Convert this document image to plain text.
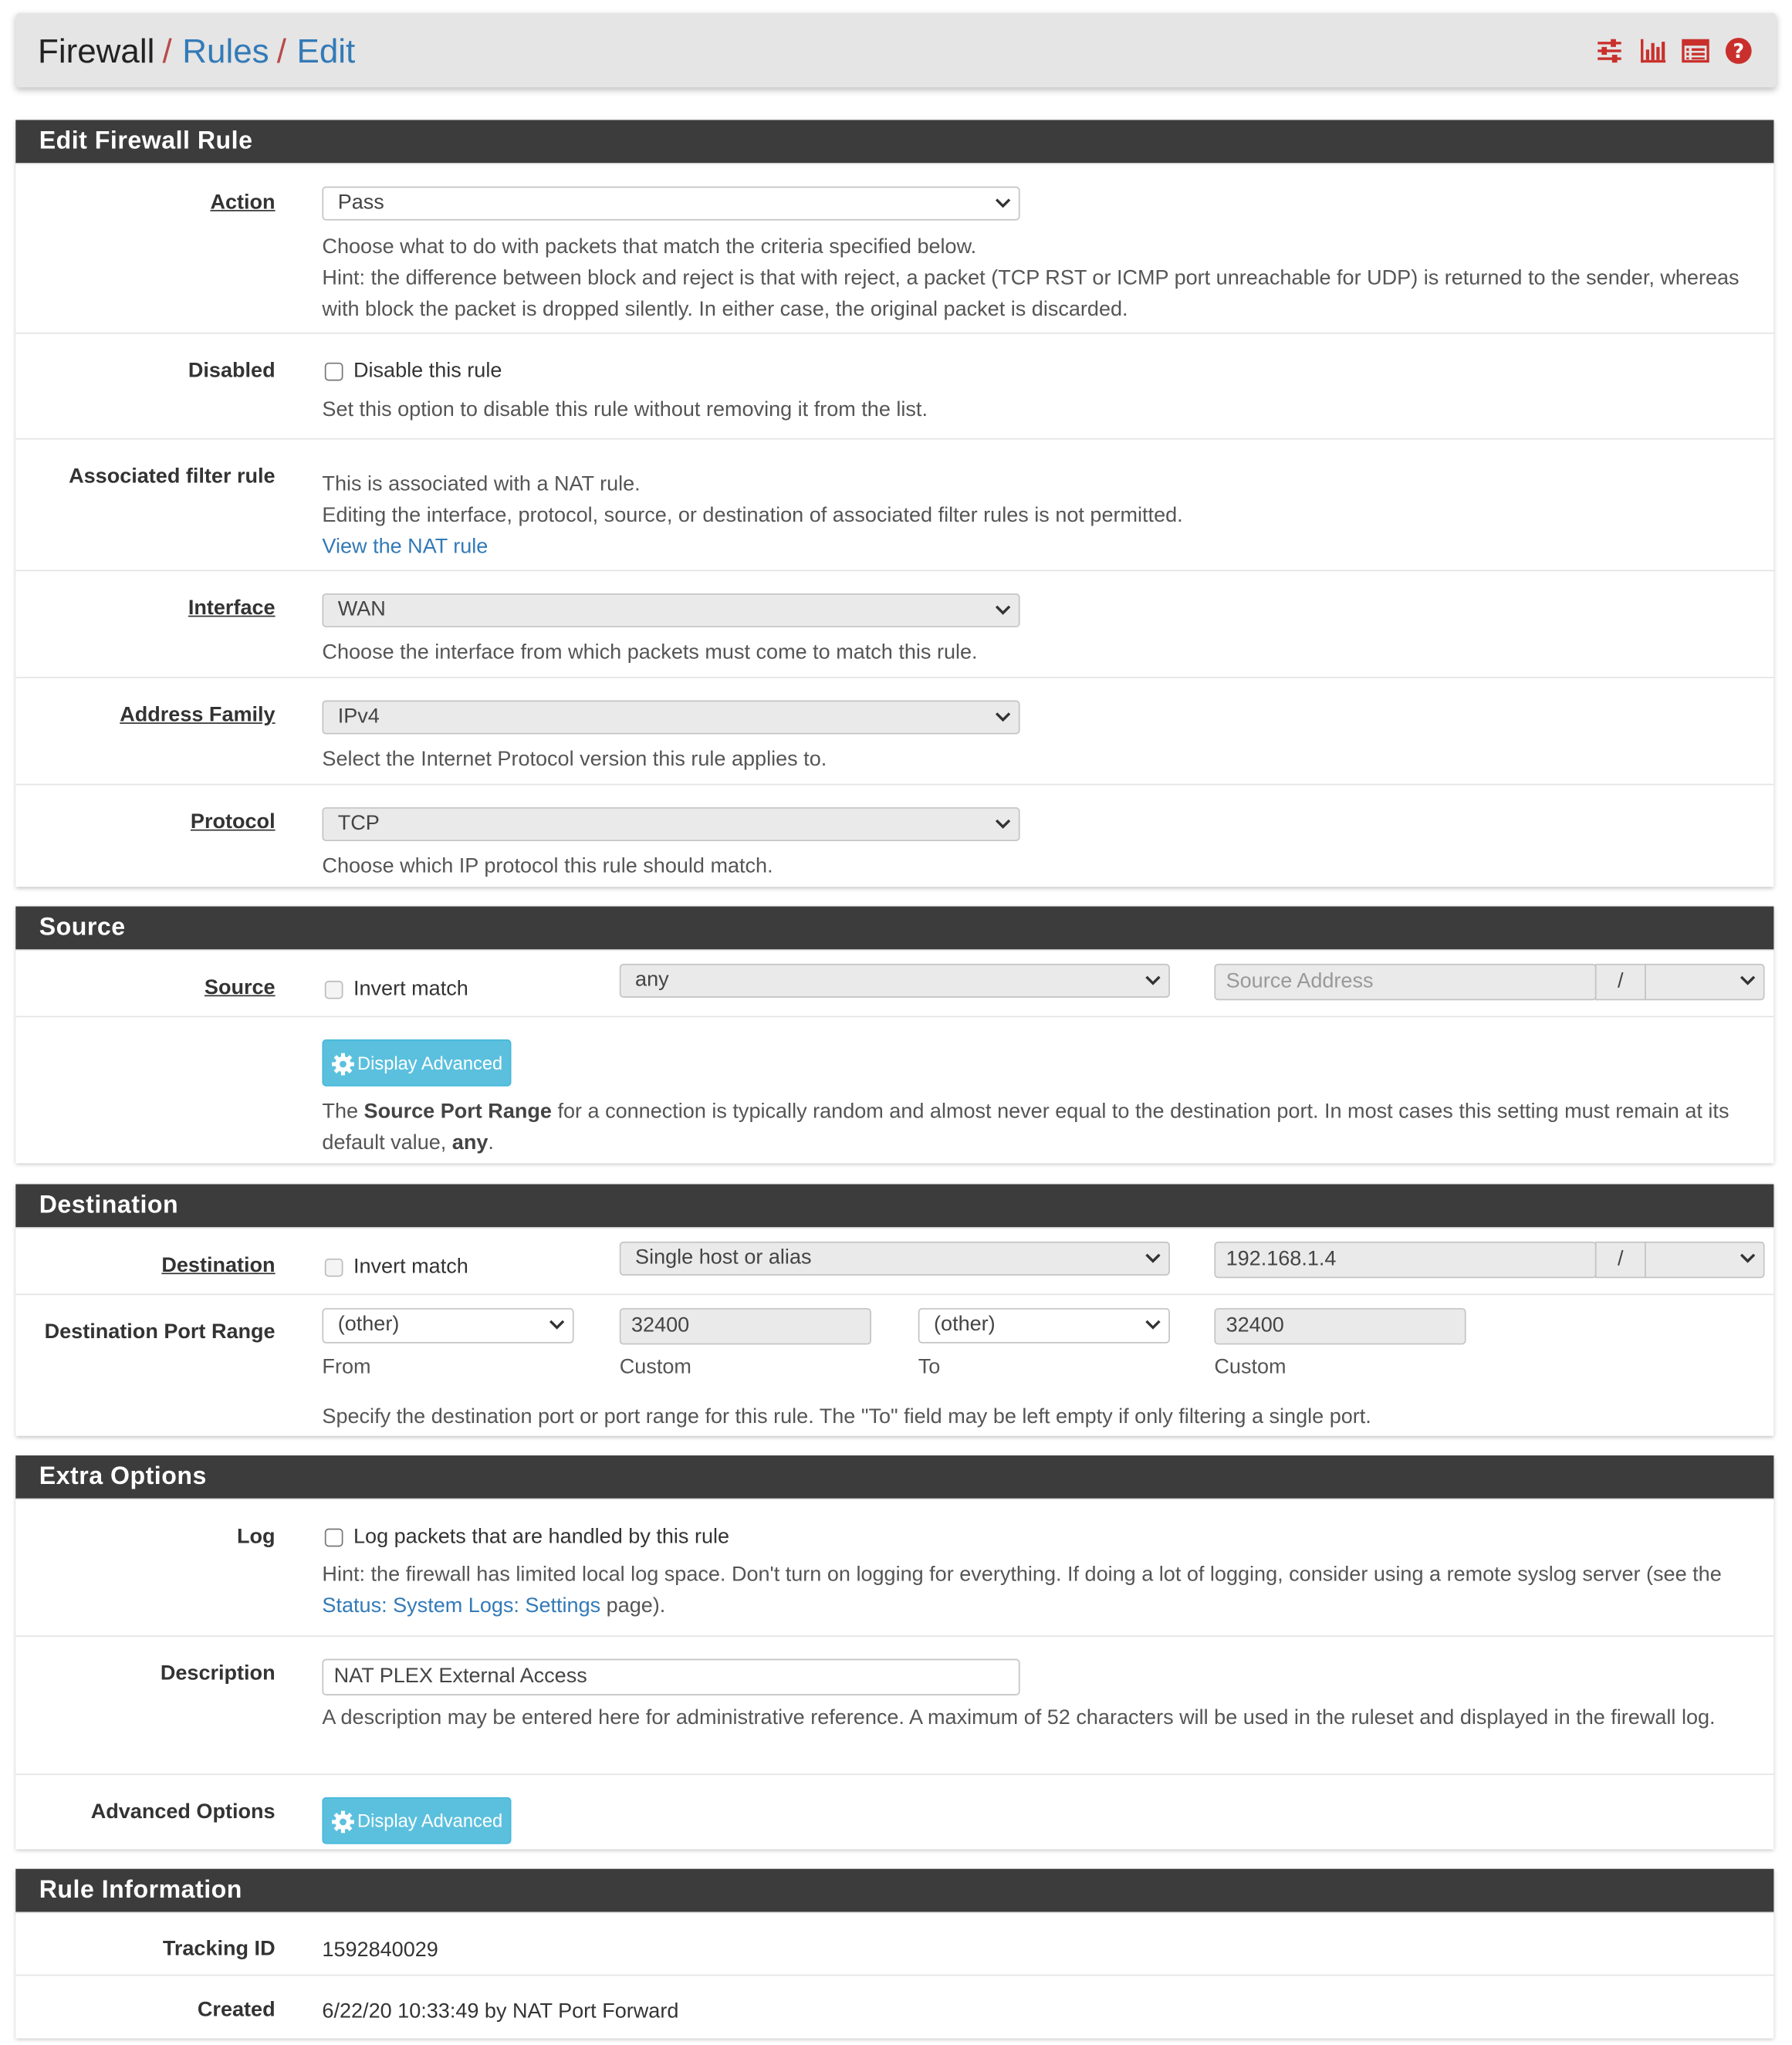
Firewall / Rules / Edit	?
Edit Firewall Rule
Action	Pass
Choose what to do with packets that match the criteria specified below.
Hint: the difference between block and reject is that with reject, a packet (TCP RST or ICMP port unreachable for UDP) is returned to the sender, whereas with block the packet is dropped silently. In either case, the original packet is discarded.
Disabled	Disable this rule
Set this option to disable this rule without removing it from the list.
Associated filter rule	This is associated with a NAT rule.
Editing the interface, protocol, source, or destination of associated filter rules is not permitted.
View the NAT rule
Interface	WAN
Choose the interface from which packets must come to match this rule.
Address Family	IPv4
Select the Internet Protocol version this rule applies to.
Protocol	TCP
Choose which IP protocol this rule should match.
Source
Source	Invert match	any	Source Address	/
Display Advanced
The Source Port Range for a connection is typically random and almost never equal to the destination port. In most cases this setting must remain at its default value, any.
Destination
Destination	Invert match	Single host or alias	192.168.1.4	/
Destination Port Range	(other)	32400	(other)	32400
From	Custom	To	Custom
Specify the destination port or port range for this rule. The "To" field may be left empty if only filtering a single port.
Extra Options
Log	Log packets that are handled by this rule
Hint: the firewall has limited local log space. Don't turn on logging for everything. If doing a lot of logging, consider using a remote syslog server (see the Status: System Logs: Settings page).
Description	NAT PLEX External Access
A description may be entered here for administrative reference. A maximum of 52 characters will be used in the ruleset and displayed in the firewall log.
Advanced Options	Display Advanced
Rule Information
Tracking ID	1592840029
Created	6/22/20 10:33:49 by NAT Port Forward
